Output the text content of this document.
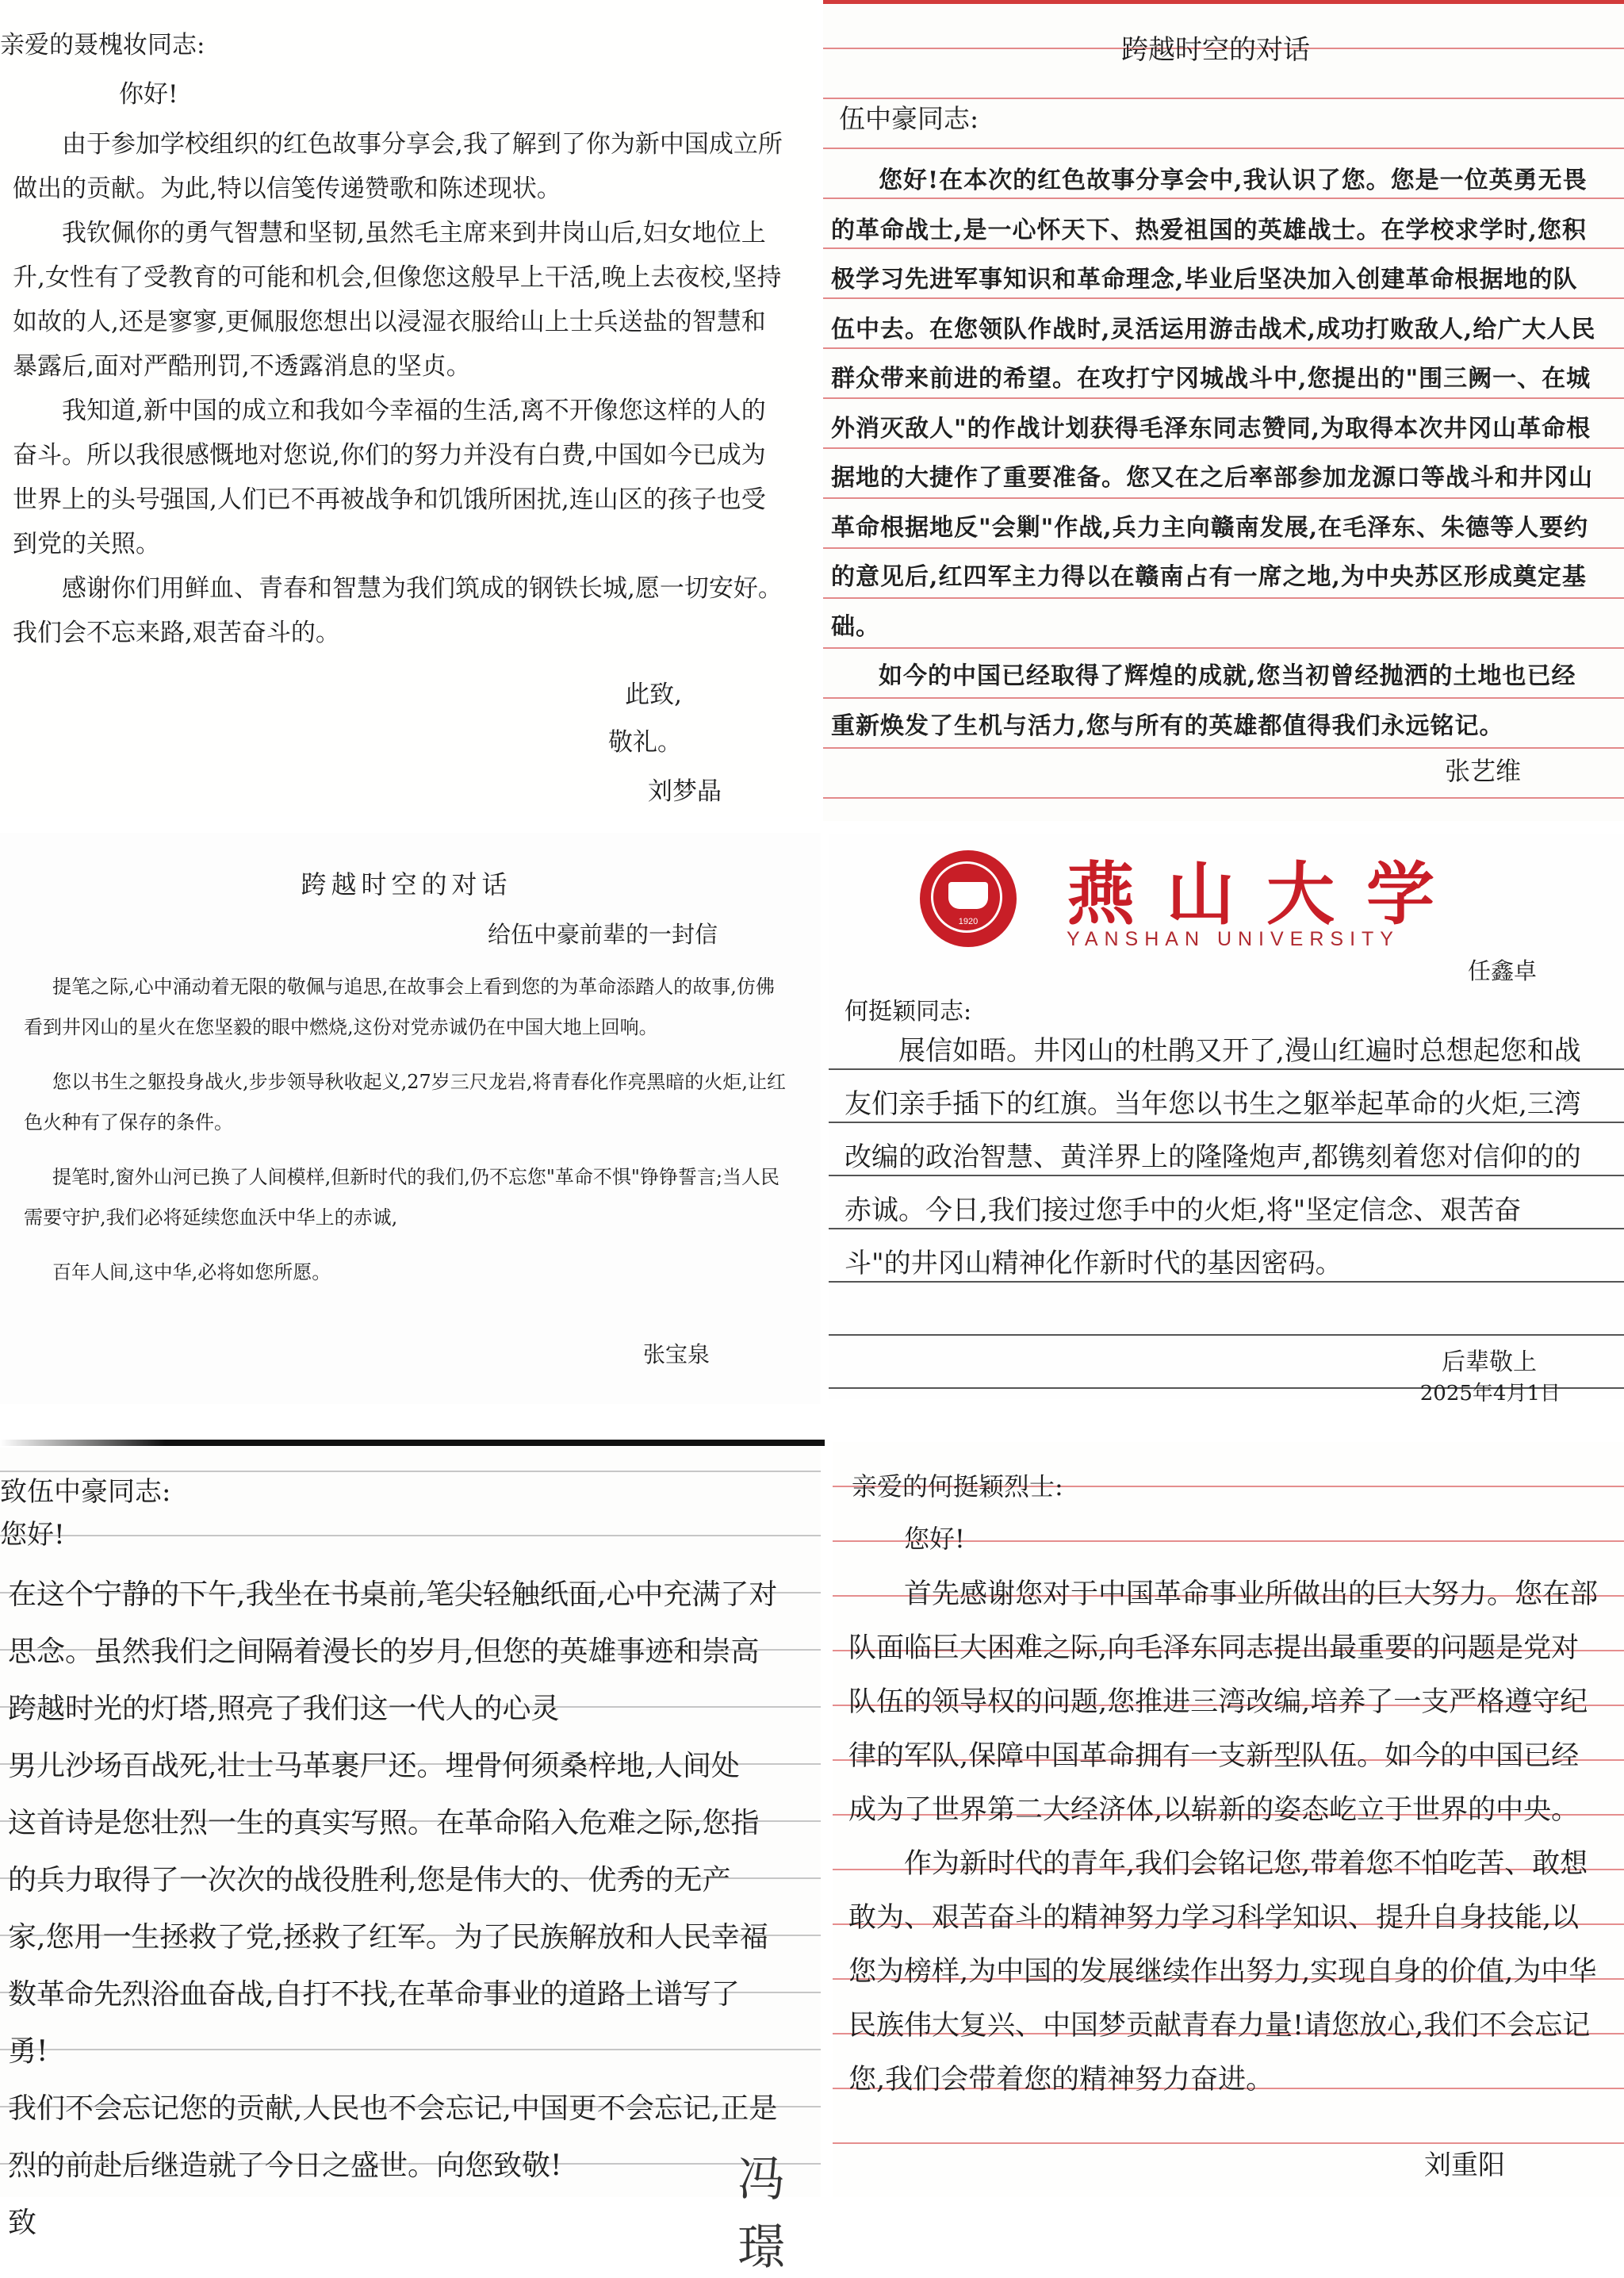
亲爱的聂槐妆同志:

你好!

由于参加学校组织的红色故事分享会,我了解到了你为新中国成立所做出的贡献。为此,特以信笺传递赞歌和陈述现状。

我钦佩你的勇气智慧和坚韧,虽然毛主席来到井岗山后,妇女地位上升,女性有了受教育的可能和机会,但像您这般早上干活,晚上去夜校,坚持如故的人,还是寥寥,更佩服您想出以浸湿衣服给山上士兵送盐的智慧和暴露后,面对严酷刑罚,不透露消息的坚贞。

我知道,新中国的成立和我如今幸福的生活,离不开像您这样的人的奋斗。所以我很感慨地对您说,你们的努力并没有白费,中国如今已成为世界上的头号强国,人们已不再被战争和饥饿所困扰,连山区的孩子也受到党的关照。

感谢你们用鲜血、青春和智慧为我们筑成的钢铁长城,愿一切安好。我们会不忘来路,艰苦奋斗的。

此致,
敬礼。
刘梦晶
跨越时空的对话

伍中豪同志:

您好!在本次的红色故事分享会中,我认识了您。您是一位英勇无畏的革命战士,是一心怀天下、热爱祖国的英雄战士。在学校求学时,您积极学习先进军事知识和革命理念,毕业后坚决加入创建革命根据地的队伍中去。在您领队作战时,灵活运用游击战术,成功打败敌人,给广大人民群众带来前进的希望。在攻打宁冈城战斗中,您提出的"围三阙一、在城外消灭敌人"的作战计划获得毛泽东同志赞同,为取得本次井冈山革命根据地的大捷作了重要准备。您又在之后率部参加龙源口等战斗和井冈山革命根据地反"会剿"作战,兵力主向赣南发展,在毛泽东、朱德等人要约的意见后,红四军主力得以在赣南占有一席之地,为中央苏区形成奠定基础。

如今的中国已经取得了辉煌的成就,您当初曾经抛洒的土地也已经重新焕发了生机与活力,您与所有的英雄都值得我们永远铭记。

张艺维
跨越时空的对话
给伍中豪前辈的一封信

提笔之际,心中涌动着无限的敬佩与追思,在故事会上看到您的为革命添踏人的故事,仿佛看到井冈山的星火在您坚毅的眼中燃烧,这份对党赤诚仍在中国大地上回响。

您以书生之躯投身战火,步步领导秋收起义,27岁三尺龙岩,将青春化作亮黑暗的火炬,让红色火种有了保存的条件。

提笔时,窗外山河已换了人间模样,但新时代的我们,仍不忘您"革命不惧"铮铮誓言;当人民需要守护,我们必将延续您血沃中华上的赤诚,

百年人间,这中华,必将如您所愿。

张宝泉
1920	燕山大学
YANSHAN UNIVERSITY
任鑫卓
何挺颖同志:

展信如晤。井冈山的杜鹃又开了,漫山红遍时总想起您和战友们亲手插下的红旗。当年您以书生之躯举起革命的火炬,三湾改编的政治智慧、黄洋界上的隆隆炮声,都镌刻着您对信仰的的赤诚。今日,我们接过您手中的火炬,将"坚定信念、艰苦奋斗"的井冈山精神化作新时代的基因密码。

后辈敬上
2025年4月1日

致伍中豪同志:

您好!

在这个宁静的下午,我坐在书桌前,笔尖轻触纸面,心中充满了对

思念。虽然我们之间隔着漫长的岁月,但您的英雄事迹和崇高

跨越时光的灯塔,照亮了我们这一代人的心灵

男儿沙场百战死,壮士马革裹尸还。埋骨何须桑梓地,人间处

这首诗是您壮烈一生的真实写照。在革命陷入危难之际,您指

的兵力取得了一次次的战役胜利,您是伟大的、优秀的无产

家,您用一生拯救了党,拯救了红军。为了民族解放和人民幸福

数革命先烈浴血奋战,自打不找,在革命事业的道路上谱写了

勇!

我们不会忘记您的贡献,人民也不会忘记,中国更不会忘记,正是

烈的前赴后继造就了今日之盛世。向您致敬!

致

冯璟

亲爱的何挺颖烈士:

您好!

首先感谢您对于中国革命事业所做出的巨大努力。您在部队面临巨大困难之际,向毛泽东同志提出最重要的问题是党对队伍的领导权的问题,您推进三湾改编,培养了一支严格遵守纪律的军队,保障中国革命拥有一支新型队伍。如今的中国已经成为了世界第二大经济体,以崭新的姿态屹立于世界的中央。

作为新时代的青年,我们会铭记您,带着您不怕吃苦、敢想敢为、艰苦奋斗的精神努力学习科学知识、提升自身技能,以您为榜样,为中国的发展继续作出努力,实现自身的价值,为中华民族伟大复兴、中国梦贡献青春力量!请您放心,我们不会忘记您,我们会带着您的精神努力奋进。

刘重阳
